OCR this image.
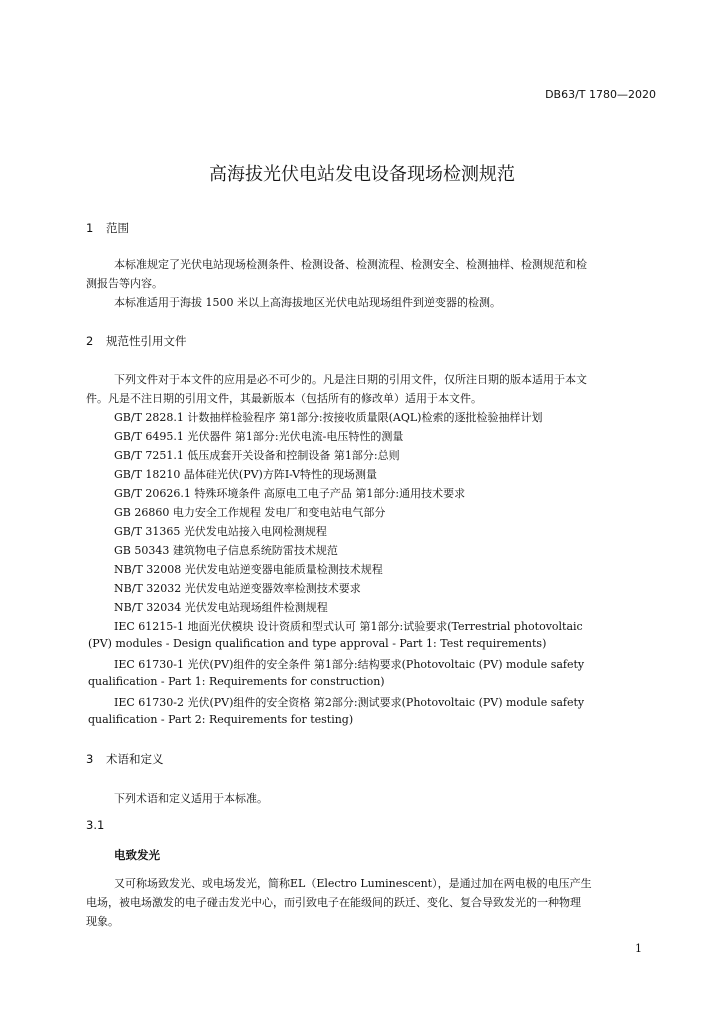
DB63/T 1780—2020
高海拔光伏电站发电设备现场检测规范
1 范围
本标准规定了光伏电站现场检测条件、检测设备、检测流程、检测安全、检测抽样、检测规范和检
测报告等内容。
本标准适用于海拔 1500 米以上高海拔地区光伏电站现场组件到逆变器的检测。
2 规范性引用文件
下列文件对于本文件的应用是必不可少的。凡是注日期的引用文件，仅所注日期的版本适用于本文
件。凡是不注日期的引用文件，其最新版本（包括所有的修改单）适用于本文件。
GB/T 2828.1 计数抽样检验程序 第1部分:按接收质量限(AQL)检索的逐批检验抽样计划
GB/T 6495.1 光伏器件 第1部分:光伏电流-电压特性的测量
GB/T 7251.1 低压成套开关设备和控制设备 第1部分:总则
GB/T 18210 晶体硅光伏(PV)方阵I-V特性的现场测量
GB/T 20626.1 特殊环境条件 高原电工电子产品 第1部分:通用技术要求
GB 26860 电力安全工作规程 发电厂和变电站电气部分
GB/T 31365 光伏发电站接入电网检测规程
GB 50343 建筑物电子信息系统防雷技术规范
NB/T 32008 光伏发电站逆变器电能质量检测技术规程
NB/T 32032 光伏发电站逆变器效率检测技术要求
NB/T 32034 光伏发电站现场组件检测规程
IEC 61215-1 地面光伏模块 设计资质和型式认可 第1部分:试验要求(Terrestrial photovoltaic
(PV) modules - Design qualification and type approval - Part 1: Test requirements)
IEC 61730-1 光伏(PV)组件的安全条件 第1部分:结构要求(Photovoltaic (PV) module safety
qualification - Part 1: Requirements for construction)
IEC 61730-2 光伏(PV)组件的安全资格 第2部分:测试要求(Photovoltaic (PV) module safety
qualification - Part 2: Requirements for testing)
3 术语和定义
下列术语和定义适用于本标准。
3.1
电致发光
又可称场致发光、或电场发光，简称EL（Electro Luminescent），是通过加在两电极的电压产生
电场，被电场激发的电子碰击发光中心，而引致电子在能级间的跃迁、变化、复合导致发光的一种物理
现象。
1
